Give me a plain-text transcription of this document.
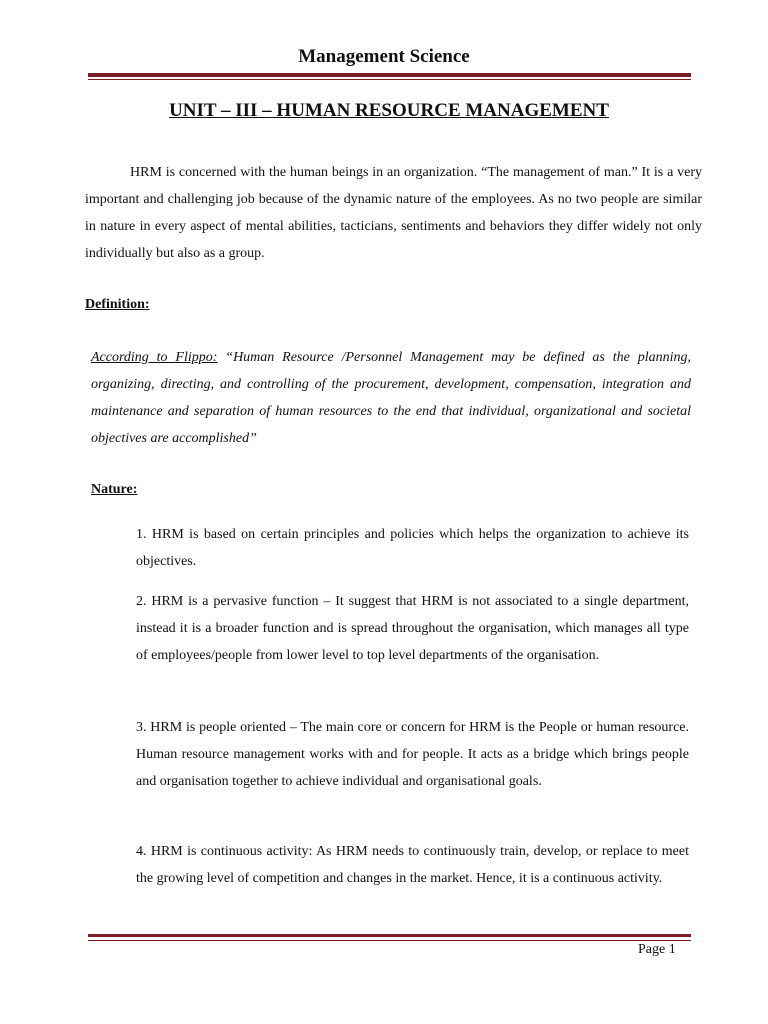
Management Science
UNIT – III – HUMAN RESOURCE MANAGEMENT

HRM is concerned with the human beings in an organization. “The management of man.” It is a very important and challenging job because of the dynamic nature of the employees. As no two people are similar in nature in every aspect of mental abilities, tacticians, sentiments and behaviors they differ widely not only individually but also as a group.

Definition:

According to Flippo: “Human Resource /Personnel Management may be defined as the planning, organizing, directing, and controlling of the procurement, development, compensation, integration and maintenance and separation of human resources to the end that individual, organizational and societal objectives are accomplished”

Nature:

1. HRM is based on certain principles and policies which helps the organization to achieve its objectives.

2. HRM is a pervasive function – It suggest that HRM is not associated to a single department, instead it is a broader function and is spread throughout the organisation, which manages all type of employees/people from lower level to top level departments of the organisation.

3. HRM is people oriented – The main core or concern for HRM is the People or human resource. Human resource management works with and for people. It acts as a bridge which brings people and organisation together to achieve individual and organisational goals.

4. HRM is continuous activity: As HRM needs to continuously train, develop, or replace to meet the growing level of competition and changes in the market. Hence, it is a continuous activity.

Page 1
